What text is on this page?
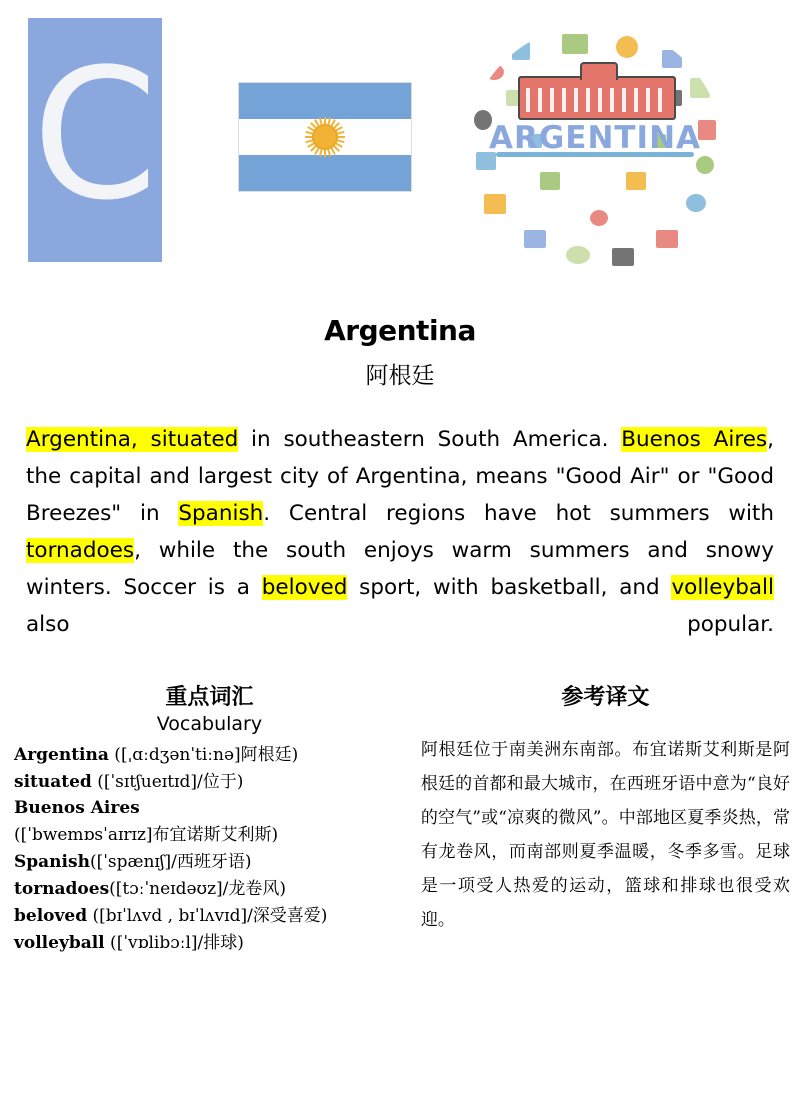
C	ARGENTINA
Argentina
阿根廷
Argentina, situated in southeastern South America. Buenos Aires, the capital and largest city of Argentina, means "Good Air" or "Good Breezes" in Spanish. Central regions have hot summers with tornadoes, while the south enjoys warm summers and snowy winters. Soccer is a beloved sport, with basketball, and volleyball also popular.
重点词汇
Vocabulary
Argentina ([ˌɑːdʒənˈtiːnə]阿根廷)
situated ([ˈsɪtʃueɪtɪd]/位于)
Buenos Aires
([ˈbwemɒsˈaɪrɪz]布宜诺斯艾利斯)
Spanish([ˈspænɪʃ]/西班牙语)
tornadoes([tɔːˈneɪdəʊz]/龙卷风)
beloved ([bɪˈlʌvd , bɪˈlʌvɪd]/深受喜爱)
volleyball ([ˈvɒlibɔːl]/排球)
参考译文
阿根廷位于南美洲东南部。布宜诺斯艾利斯是阿根廷的首都和最大城市，在西班牙语中意为“良好的空气”或“凉爽的微风”。中部地区夏季炎热，常有龙卷风，而南部则夏季温暖，冬季多雪。足球是一项受人热爱的运动，篮球和排球也很受欢迎。
